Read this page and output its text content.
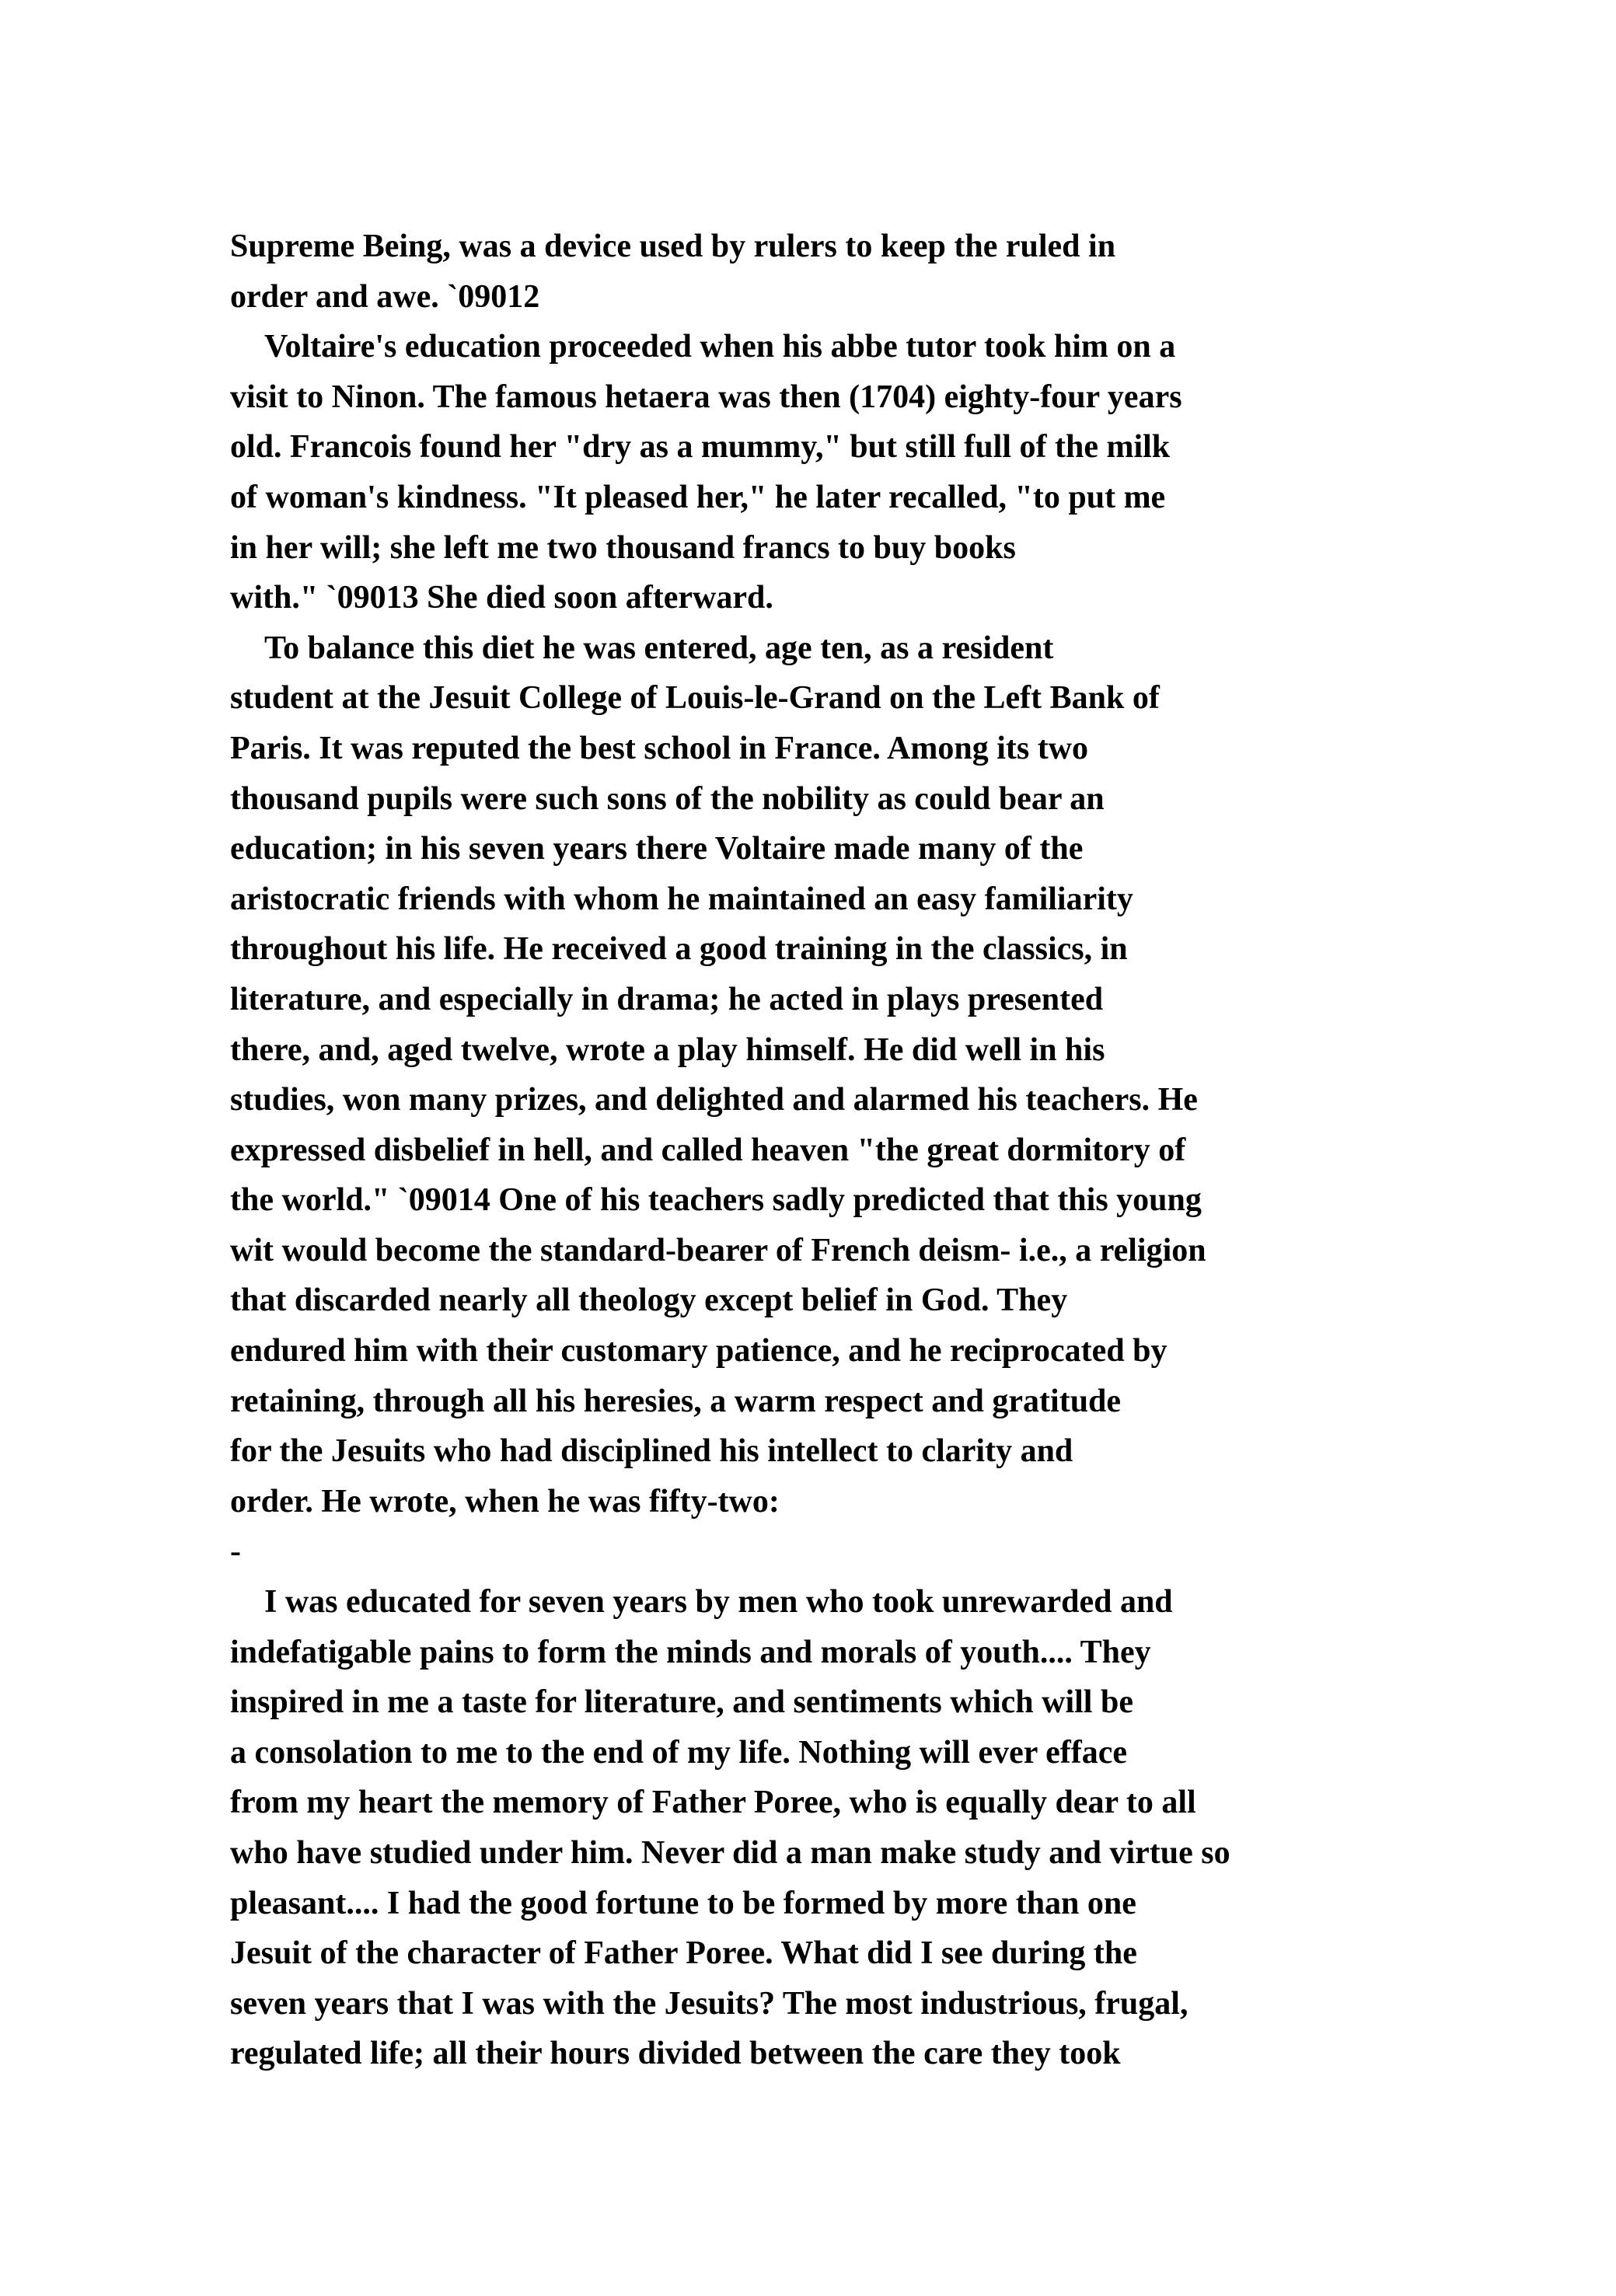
Supreme Being, was a device used by rulers to keep the ruled in
order and awe. `09012
Voltaire's education proceeded when his abbe tutor took him on a
visit to Ninon. The famous hetaera was then (1704) eighty-four years
old. Francois found her "dry as a mummy," but still full of the milk
of woman's kindness. "It pleased her," he later recalled, "to put me
in her will; she left me two thousand francs to buy books
with." `09013 She died soon afterward.
To balance this diet he was entered, age ten, as a resident
student at the Jesuit College of Louis-le-Grand on the Left Bank of
Paris. It was reputed the best school in France. Among its two
thousand pupils were such sons of the nobility as could bear an
education; in his seven years there Voltaire made many of the
aristocratic friends with whom he maintained an easy familiarity
throughout his life. He received a good training in the classics, in
literature, and especially in drama; he acted in plays presented
there, and, aged twelve, wrote a play himself. He did well in his
studies, won many prizes, and delighted and alarmed his teachers. He
expressed disbelief in hell, and called heaven "the great dormitory of
the world." `09014 One of his teachers sadly predicted that this young
wit would become the standard-bearer of French deism- i.e., a religion
that discarded nearly all theology except belief in God. They
endured him with their customary patience, and he reciprocated by
retaining, through all his heresies, a warm respect and gratitude
for the Jesuits who had disciplined his intellect to clarity and
order. He wrote, when he was fifty-two:
-
I was educated for seven years by men who took unrewarded and
indefatigable pains to form the minds and morals of youth.... They
inspired in me a taste for literature, and sentiments which will be
a consolation to me to the end of my life. Nothing will ever efface
from my heart the memory of Father Poree, who is equally dear to all
who have studied under him. Never did a man make study and virtue so
pleasant.... I had the good fortune to be formed by more than one
Jesuit of the character of Father Poree. What did I see during the
seven years that I was with the Jesuits? The most industrious, frugal,
regulated life; all their hours divided between the care they took
